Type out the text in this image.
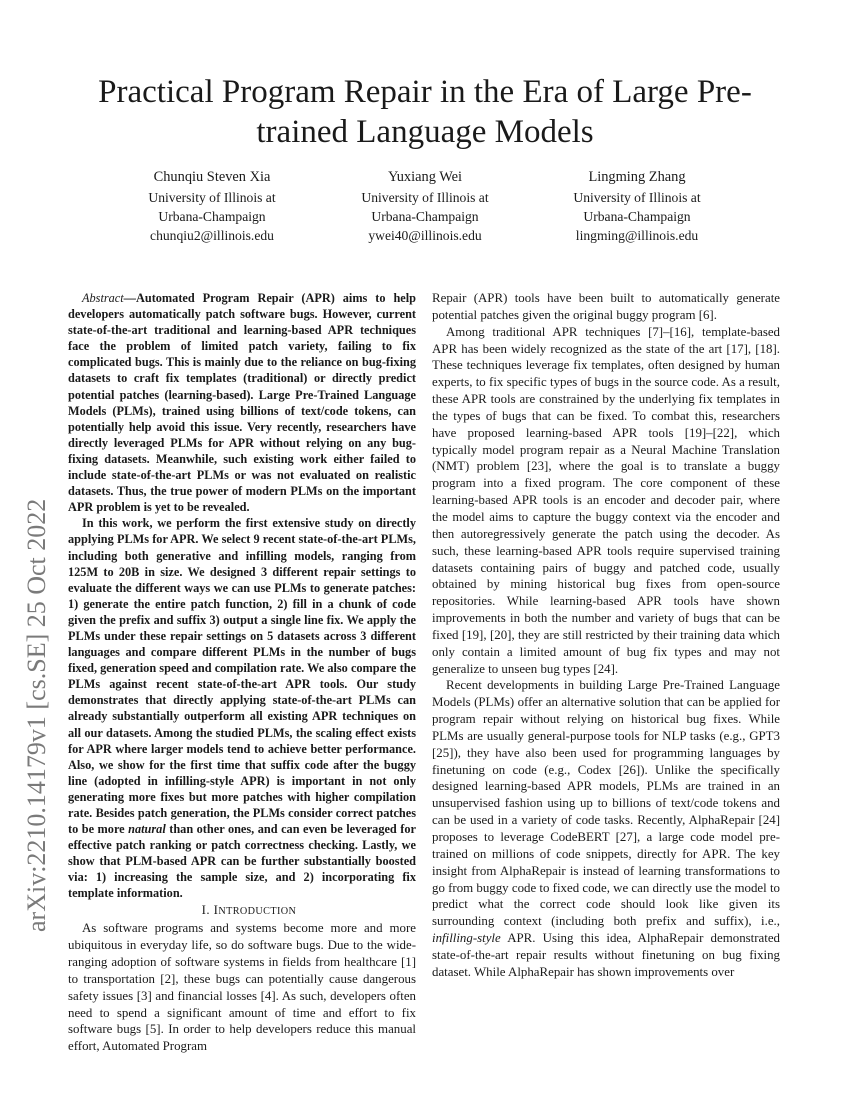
Practical Program Repair in the Era of Large Pre-trained Language Models
Chunqiu Steven Xia
University of Illinois at
Urbana-Champaign
chunqiu2@illinois.edu
Yuxiang Wei
University of Illinois at
Urbana-Champaign
ywei40@illinois.edu
Lingming Zhang
University of Illinois at
Urbana-Champaign
lingming@illinois.edu
arXiv:2210.14179v1 [cs.SE] 25 Oct 2022

Abstract—Automated Program Repair (APR) aims to help developers automatically patch software bugs. However, current state-of-the-art traditional and learning-based APR techniques face the problem of limited patch variety, failing to fix complicated bugs. This is mainly due to the reliance on bug-fixing datasets to craft fix templates (traditional) or directly predict potential patches (learning-based). Large Pre-Trained Language Models (PLMs), trained using billions of text/code tokens, can potentially help avoid this issue. Very recently, researchers have directly leveraged PLMs for APR without relying on any bug-fixing datasets. Meanwhile, such existing work either failed to include state-of-the-art PLMs or was not evaluated on realistic datasets. Thus, the true power of modern PLMs on the important APR problem is yet to be revealed.

In this work, we perform the first extensive study on directly applying PLMs for APR. We select 9 recent state-of-the-art PLMs, including both generative and infilling models, ranging from 125M to 20B in size. We designed 3 different repair settings to evaluate the different ways we can use PLMs to generate patches: 1) generate the entire patch function, 2) fill in a chunk of code given the prefix and suffix 3) output a single line fix. We apply the PLMs under these repair settings on 5 datasets across 3 different languages and compare different PLMs in the number of bugs fixed, generation speed and compilation rate. We also compare the PLMs against recent state-of-the-art APR tools. Our study demonstrates that directly applying state-of-the-art PLMs can already substantially outperform all existing APR techniques on all our datasets. Among the studied PLMs, the scaling effect exists for APR where larger models tend to achieve better performance. Also, we show for the first time that suffix code after the buggy line (adopted in infilling-style APR) is important in not only generating more fixes but more patches with higher compilation rate. Besides patch generation, the PLMs consider correct patches to be more natural than other ones, and can even be leveraged for effective patch ranking or patch correctness checking. Lastly, we show that PLM-based APR can be further substantially boosted via: 1) increasing the sample size, and 2) incorporating fix template information.

I. INTRODUCTION

As software programs and systems become more and more ubiquitous in everyday life, so do software bugs. Due to the wide-ranging adoption of software systems in fields from healthcare [1] to transportation [2], these bugs can potentially cause dangerous safety issues [3] and financial losses [4]. As such, developers often need to spend a significant amount of time and effort to fix software bugs [5]. In order to help developers reduce this manual effort, Automated Program

Repair (APR) tools have been built to automatically generate potential patches given the original buggy program [6].

Among traditional APR techniques [7]–[16], template-based APR has been widely recognized as the state of the art [17], [18]. These techniques leverage fix templates, often designed by human experts, to fix specific types of bugs in the source code. As a result, these APR tools are constrained by the underlying fix templates in the types of bugs that can be fixed. To combat this, researchers have proposed learning-based APR tools [19]–[22], which typically model program repair as a Neural Machine Translation (NMT) problem [23], where the goal is to translate a buggy program into a fixed program. The core component of these learning-based APR tools is an encoder and decoder pair, where the model aims to capture the buggy context via the encoder and then autoregressively generate the patch using the decoder. As such, these learning-based APR tools require supervised training datasets containing pairs of buggy and patched code, usually obtained by mining historical bug fixes from open-source repositories. While learning-based APR tools have shown improvements in both the number and variety of bugs that can be fixed [19], [20], they are still restricted by their training data which only contain a limited amount of bug fix types and may not generalize to unseen bug types [24].

Recent developments in building Large Pre-Trained Language Models (PLMs) offer an alternative solution that can be applied for program repair without relying on historical bug fixes. While PLMs are usually general-purpose tools for NLP tasks (e.g., GPT3 [25]), they have also been used for programming languages by finetuning on code (e.g., Codex [26]). Unlike the specifically designed learning-based APR models, PLMs are trained in an unsupervised fashion using up to billions of text/code tokens and can be used in a variety of code tasks. Recently, AlphaRepair [24] proposes to leverage CodeBERT [27], a large code model pre-trained on millions of code snippets, directly for APR. The key insight from AlphaRepair is instead of learning transformations to go from buggy code to fixed code, we can directly use the model to predict what the correct code should look like given its surrounding context (including both prefix and suffix), i.e., infilling-style APR. Using this idea, AlphaRepair demonstrated state-of-the-art repair results without finetuning on bug fixing dataset. While AlphaRepair has shown improvements over
